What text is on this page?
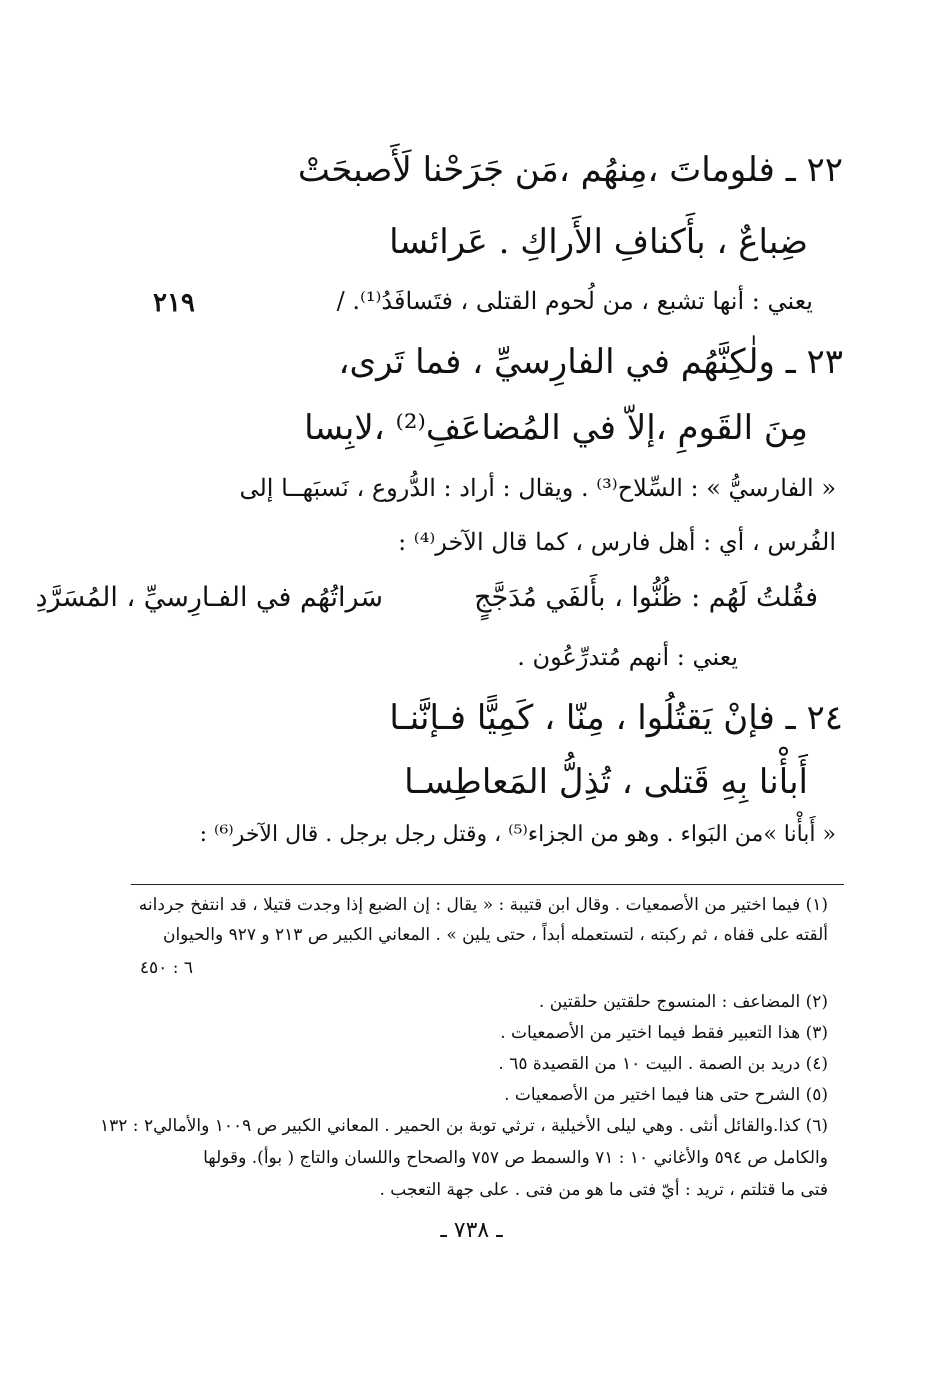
٢٢ ـ فلوماتَ ،مِنهُم ،مَن جَرَحْنا لَأَصبحَتْ
ضِباعٌ ، بأَكنافِ الأَراكِ . عَرائسا
٢١٩	يعني : أنها تشبع ، من لُحوم القتلى ، فتَسافَدُ⁽¹⁾. /
٢٣ ـ ولٰكِنَّهُم في الفارِسيِّ ، فما تَرى،
مِنَ القَومِ ،إلاّ في المُضاعَفِ⁽²⁾ ،لابِسا
« الفارسيُّ » : السِّلاح⁽³⁾ . ويقال : أراد : الدُّروع ، نَسبَهــا إلى
الفُرس ، أي : أهل فارس ، كما قال الآخر⁽⁴⁾ :
فقُلتُ لَهُم : ظُنُّوا ، بأَلفَي مُدَجَّجٍ
سَراتُهُم في الفـارِسيِّ ، المُسَرَّدِ
يعني : أنهم مُتدرِّعُون .
٢٤ ـ فإنْ يَقتُلُوا ، مِنّا ، كَمِيًّا فـإنَّنـا
أَبأْنا بِهِ قَتلى ، تُذِلُّ المَعاطِسـا
« أَبأْنا »من البَواء . وهو من الجزاء⁽⁵⁾ ، وقتل رجل برجل . قال الآخر⁽⁶⁾ :
(١) فيما اختير من الأصمعيات . وقال ابن قتيبة : « يقال : إن الضبع إذا وجدت قتيلا ، قد انتفخ جردانه
ألقته على قفاه ، ثم ركبته ، لتستعمله أبداً ، حتى يلين » . المعاني الكبير ص ٢١٣ و ٩٢٧ والحيوان
٦ : ٤٥٠
(٢) المضاعف : المنسوج حلقتين حلقتين .
(٣) هذا التعبير فقط فيما اختير من الأصمعيات .
(٤) دريد بن الصمة . البيت ١٠ من القصيدة ٦٥ .
(٥) الشرح حتى هنا فيما اختير من الأصمعيات .
(٦) كذا.والقائل أنثى . وهي ليلى الأخيلية ، ترثي توبة بن الحمير . المعاني الكبير ص ١٠٠٩ والأمالي٢ : ١٣٢
والكامل ص ٥٩٤ والأغاني ١٠ : ٧١ والسمط ص ٧٥٧ والصحاح واللسان والتاج ( بوأ). وقولها
فتى ما قتلتم ، تريد : أيّ فتى ما هو من فتى . على جهة التعجب .
ـ ٧٣٨ ـ
